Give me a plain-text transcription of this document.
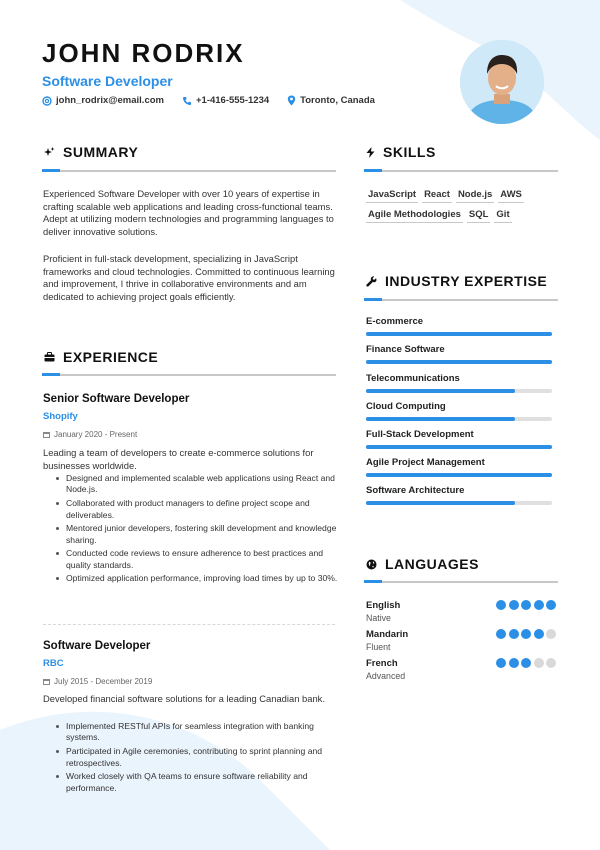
JOHN RODRIX
Software Developer
john_rodrix@email.com	+1-416-555-1234	Toronto, Canada
SUMMARY
Experienced Software Developer with over 10 years of expertise in crafting scalable web applications and leading cross-functional teams. Adept at utilizing modern technologies and programming languages to deliver innovative solutions.
Proficient in full-stack development, specializing in JavaScript frameworks and cloud technologies. Committed to continuous learning and improvement, I thrive in collaborative environments and am dedicated to achieving project goals efficiently.
EXPERIENCE
Senior Software Developer
Shopify
January 2020 - Present
Leading a team of developers to create e-commerce solutions for businesses worldwide.
Designed and implemented scalable web applications using React and Node.js.
Collaborated with product managers to define project scope and deliverables.
Mentored junior developers, fostering skill development and knowledge sharing.
Conducted code reviews to ensure adherence to best practices and quality standards.
Optimized application performance, improving load times by up to 30%.
Software Developer
RBC
July 2015 - December 2019
Developed financial software solutions for a leading Canadian bank.
Implemented RESTful APIs for seamless integration with banking systems.
Participated in Agile ceremonies, contributing to sprint planning and retrospectives.
Worked closely with QA teams to ensure software reliability and performance.
SKILLS
JavaScript React Node.js AWS
Agile Methodologies SQL Git
INDUSTRY EXPERTISE
E-commerce
Finance Software
Telecommunications
Cloud Computing
Full-Stack Development
Agile Project Management
Software Architecture
LANGUAGES
English
Native
Mandarin
Fluent
French
Advanced
